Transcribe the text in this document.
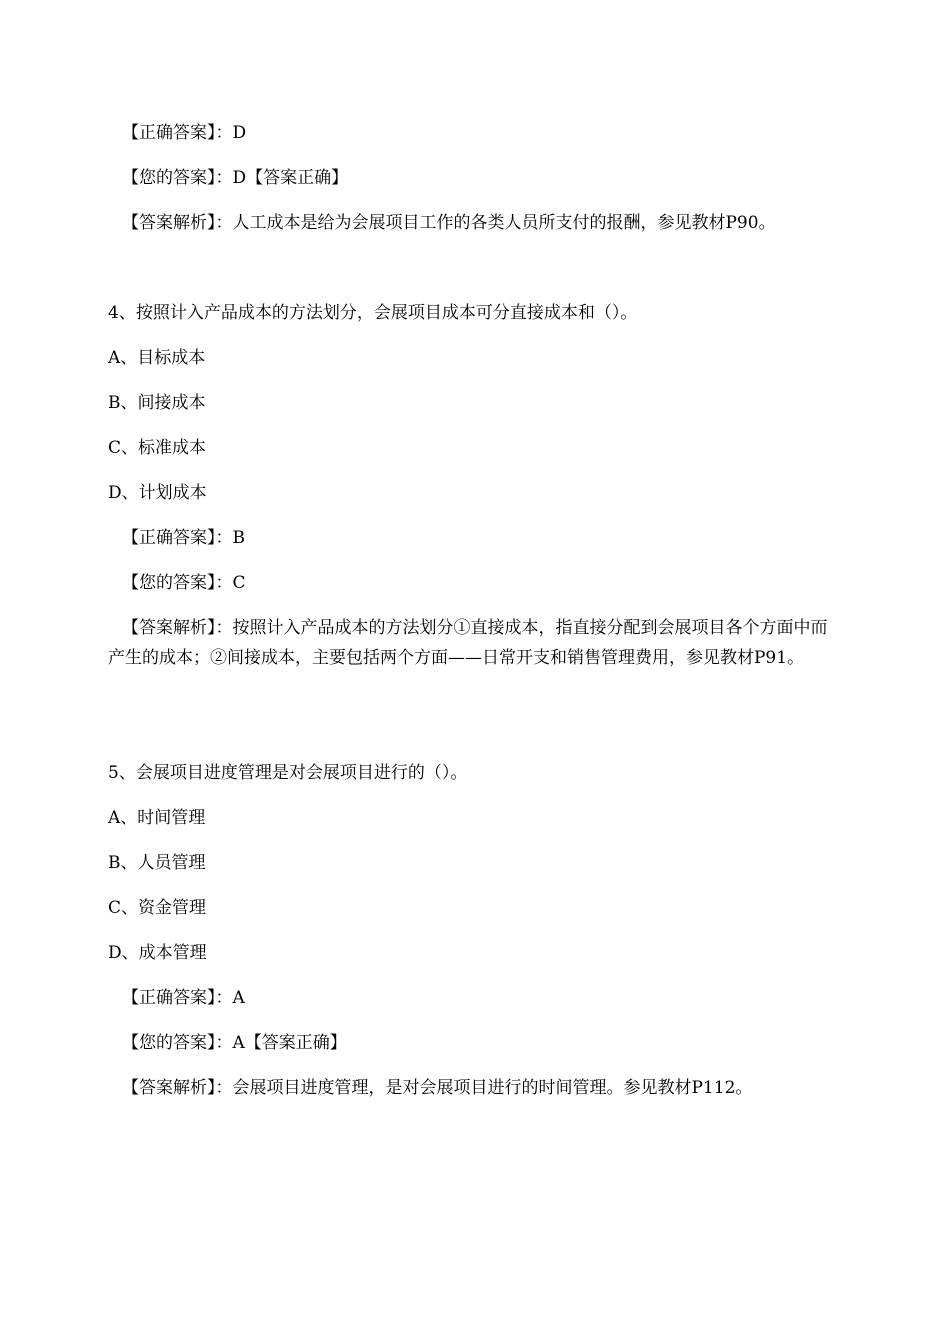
【正确答案】：D
【您的答案】：D【答案正确】
【答案解析】：人工成本是给为会展项目工作的各类人员所支付的报酬，参见教材P90。
4、按照计入产品成本的方法划分，会展项目成本可分直接成本和（）。
A、目标成本
B、间接成本
C、标准成本
D、计划成本
【正确答案】：B
【您的答案】：C
【答案解析】：按照计入产品成本的方法划分①直接成本，指直接分配到会展项目各个方面中而产生的成本；②间接成本，主要包括两个方面——日常开支和销售管理费用，参见教材P91。
5、会展项目进度管理是对会展项目进行的（）。
A、时间管理
B、人员管理
C、资金管理
D、成本管理
【正确答案】：A
【您的答案】：A【答案正确】
【答案解析】：会展项目进度管理，是对会展项目进行的时间管理。参见教材P112。
